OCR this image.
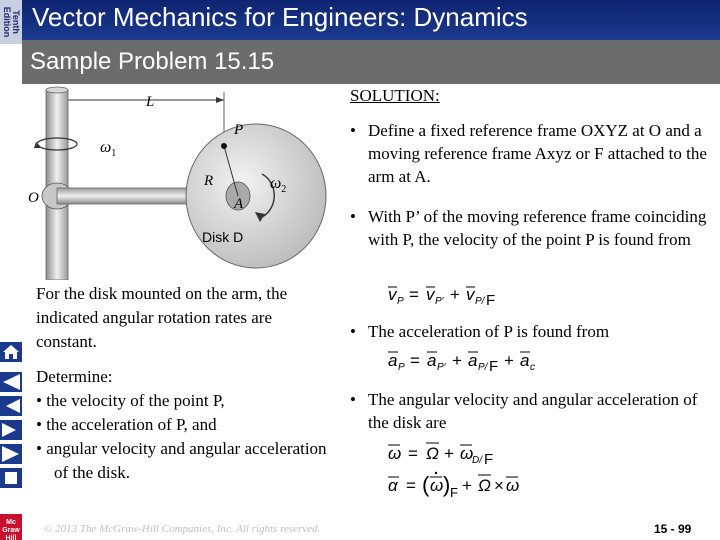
Tenth Edition
Mc
Graw
Hill
Vector Mechanics for Engineers: Dynamics
Sample Problem 15.15
L
P
$\omega_1$
R	$\omega_2$
A
O
Disk D
For the disk mounted on the arm, the indicated angular rotation rates are constant.
Determine:
• the velocity of the point P,
• the acceleration of P, and
• angular velocity and angular acceleration of the disk.
SOLUTION:
• Define a fixed reference frame OXYZ at O and a moving reference frame Axyz or F attached to the arm at A.
• With P’ of the moving reference frame coinciding with P, the velocity of the point P is found from
v P = v P′ + v P/ F
• The acceleration of P is found from
a P = a P′ + a P/ F + a c
• The angular velocity and angular acceleration of the disk are
ω = Ω + ω
D/ F
α = ( ω ) F + Ω × ω
© 2013 The McGraw-Hill Companies, Inc. All rights reserved.	15 - 99
